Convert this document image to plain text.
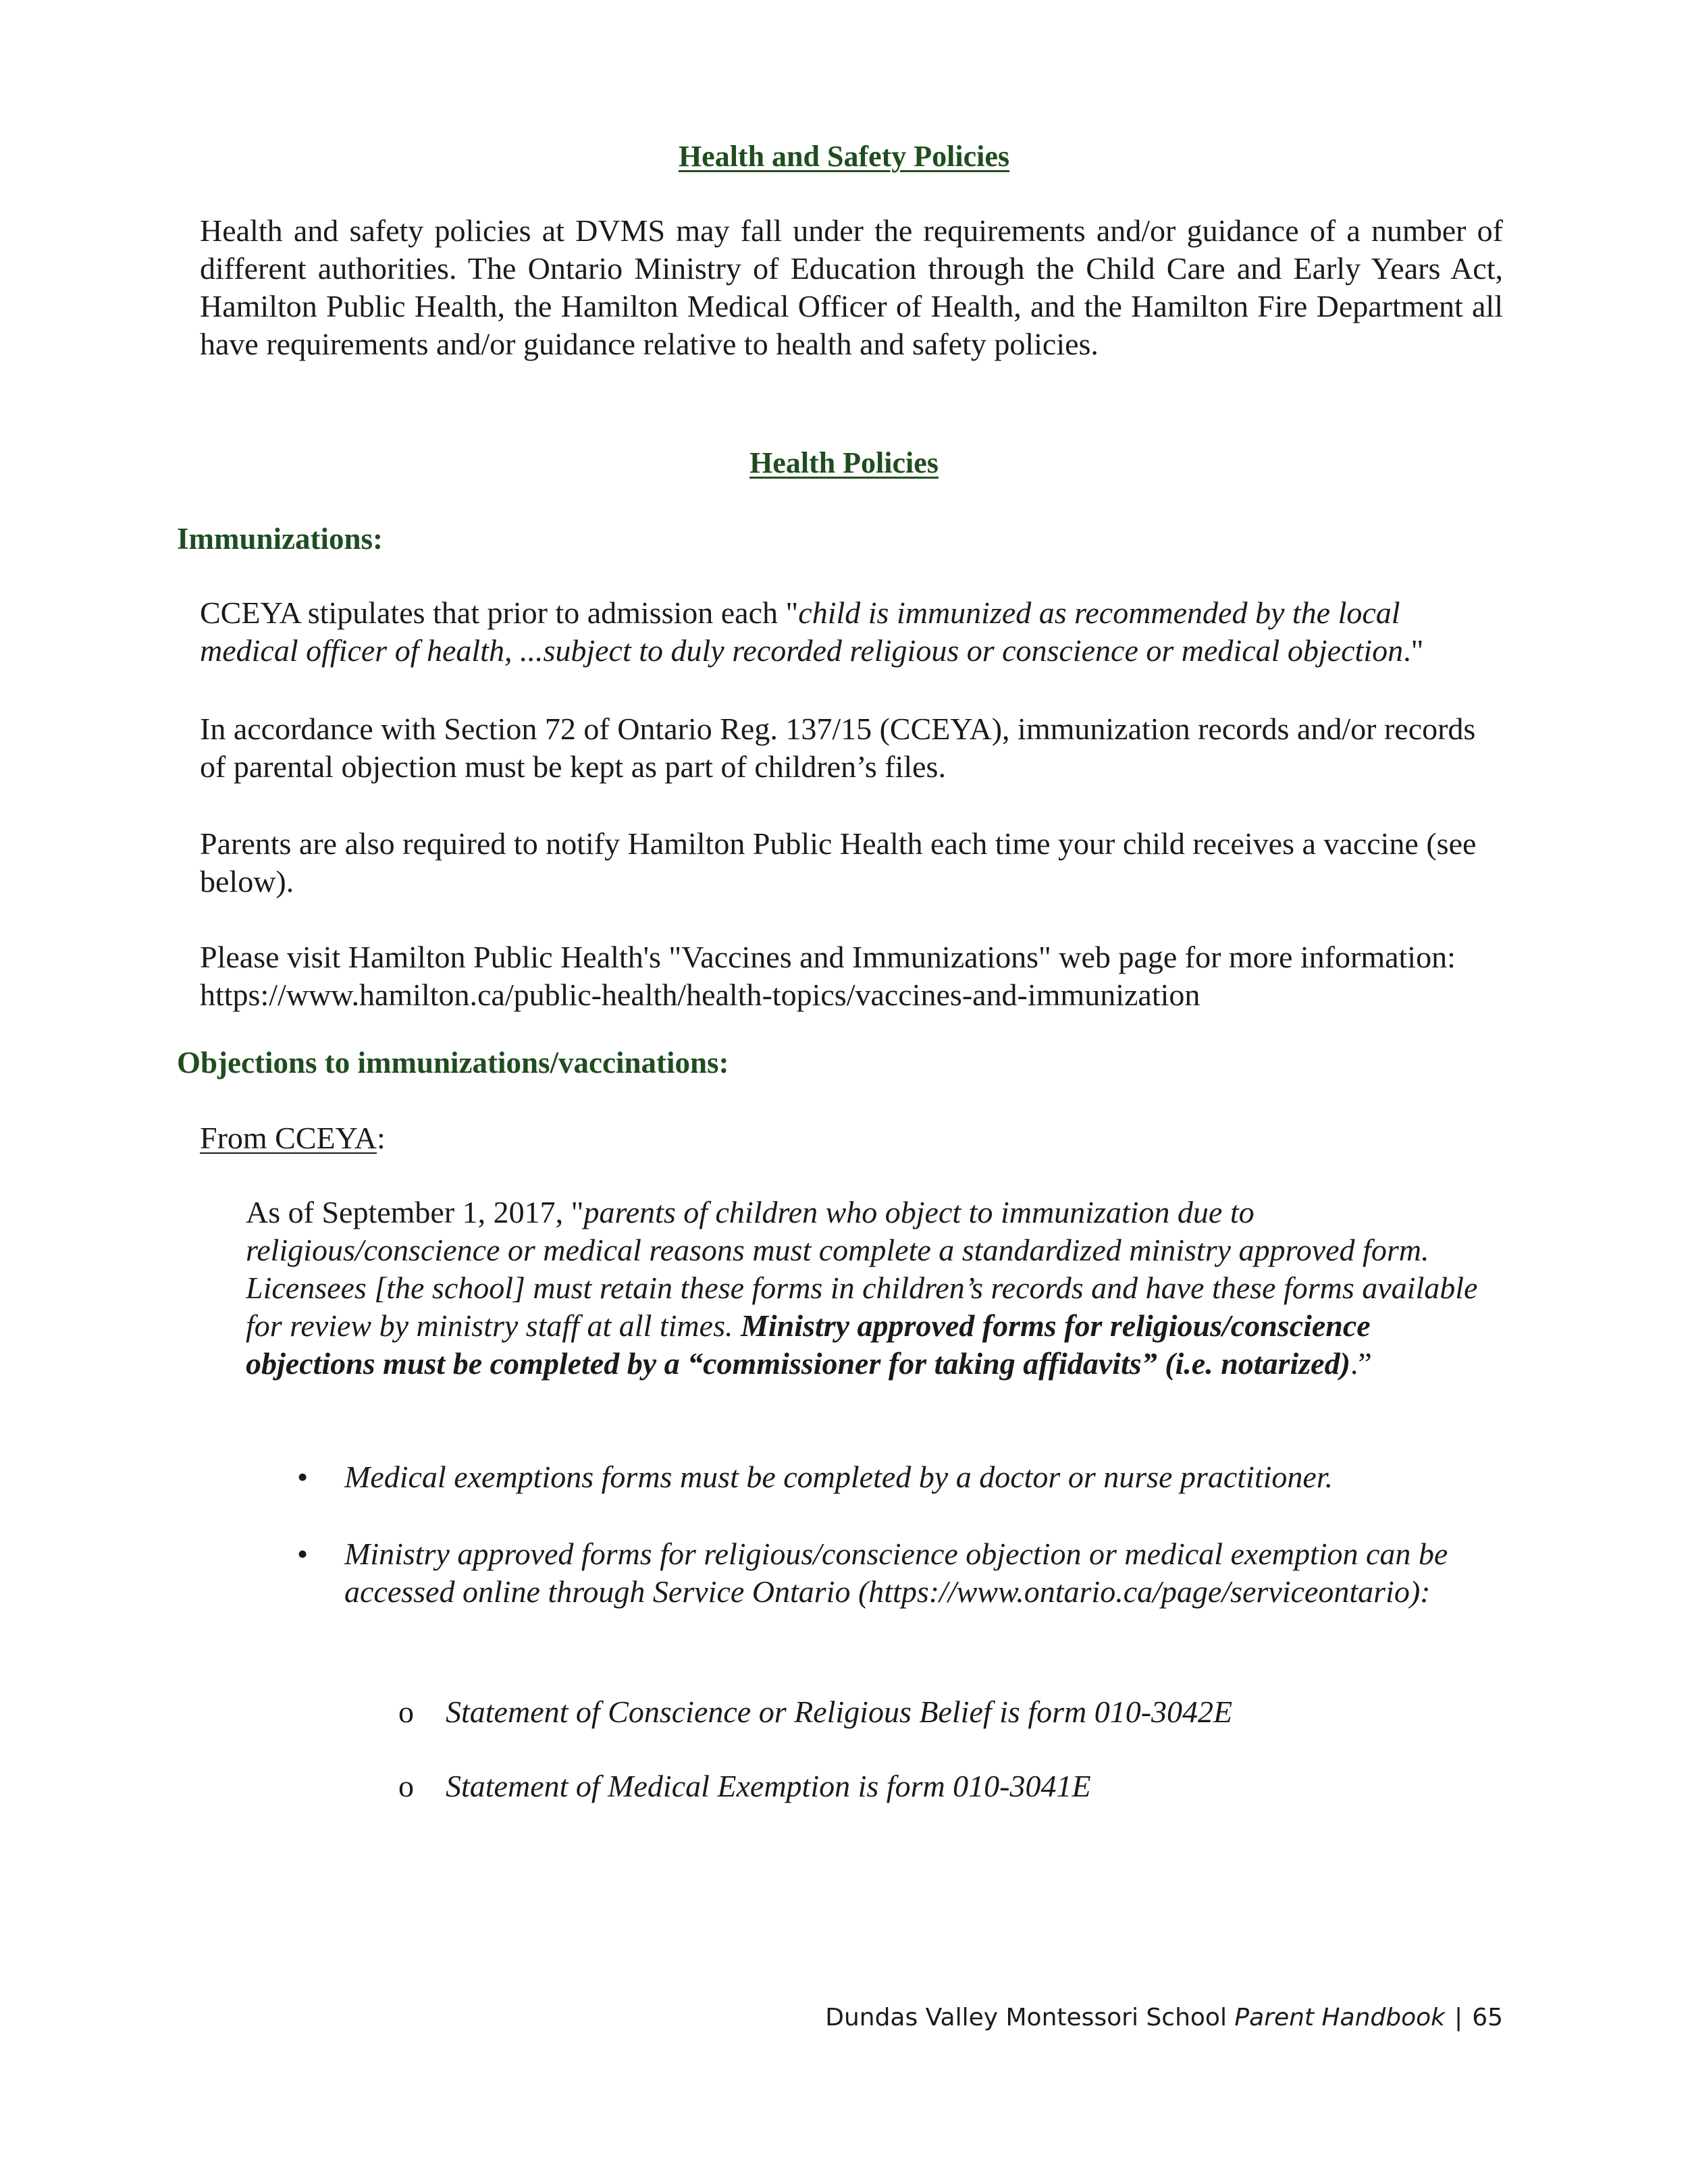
Health and Safety Policies

Health and safety policies at DVMS may fall under the requirements and/or guidance of a number of different authorities. The Ontario Ministry of Education through the Child Care and Early Years Act, Hamilton Public Health, the Hamilton Medical Officer of Health, and the Hamilton Fire Department all have requirements and/or guidance relative to health and safety policies.

Health Policies
Immunizations:

CCEYA stipulates that prior to admission each "child is immunized as recommended by the local medical officer of health, ...subject to duly recorded religious or conscience or medical objection."

In accordance with Section 72 of Ontario Reg. 137/15 (CCEYA), immunization records and/or records of parental objection must be kept as part of children’s files.

Parents are also required to notify Hamilton Public Health each time your child receives a vaccine (see below).

Please visit Hamilton Public Health's "Vaccines and Immunizations" web page for more information: https://www.hamilton.ca/public-health/health-topics/vaccines-and-immunization

Objections to immunizations/vaccinations:
From CCEYA:

As of September 1, 2017, "parents of children who object to immunization due to religious/conscience or medical reasons must complete a standardized ministry approved form. Licensees [the school] must retain these forms in children’s records and have these forms available for review by ministry staff at all times. Ministry approved forms for religious/conscience objections must be completed by a “commissioner for taking affidavits” (i.e. notarized).”

• Medical exemptions forms must be completed by a doctor or nurse practitioner.
• Ministry approved forms for religious/conscience objection or medical exemption can be accessed online through Service Ontario (https://www.ontario.ca/page/serviceontario):
o Statement of Conscience or Religious Belief is form 010-3042E
o Statement of Medical Exemption is form 010-3041E
Dundas Valley Montessori School Parent Handbook | 65
